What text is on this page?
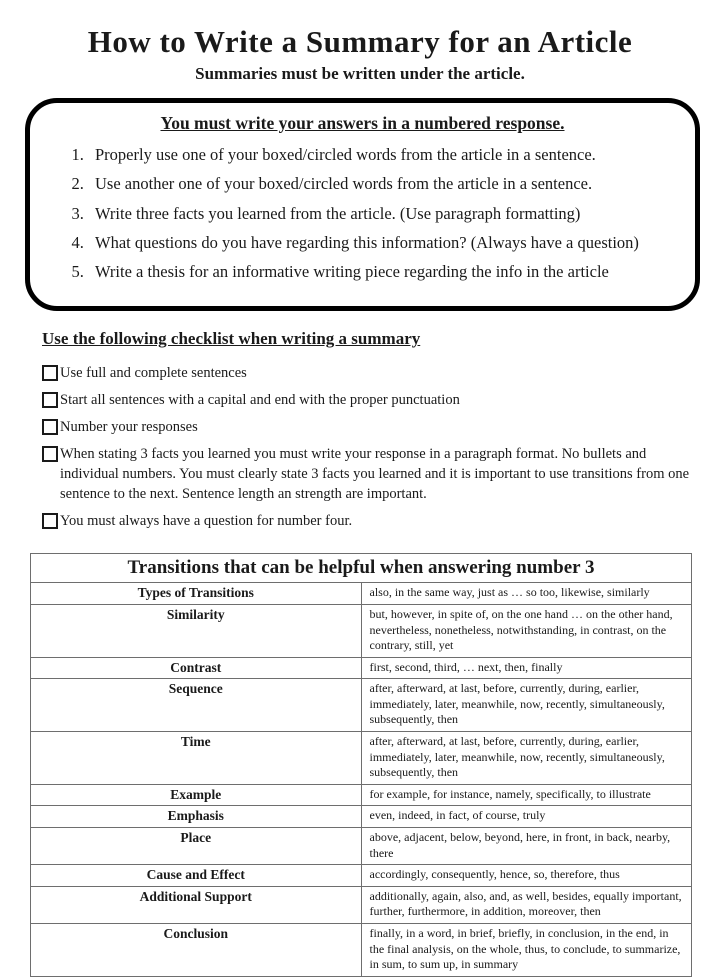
How to Write a Summary for an Article
Summaries must be written under the article.
You must write your answers in a numbered response.
1. Properly use one of your boxed/circled words from the article in a sentence.
2. Use another one of your boxed/circled words from the article in a sentence.
3. Write three facts you learned from the article. (Use paragraph formatting)
4. What questions do you have regarding this information? (Always have a question)
5. Write a thesis for an informative writing piece regarding the info in the article
Use the following checklist when writing a summary
Use full and complete sentences
Start all sentences with a capital and end with the proper punctuation
Number your responses
When stating 3 facts you learned you must write your response in a paragraph format. No bullets and individual numbers. You must clearly state 3 facts you learned and it is important to use transitions from one sentence to the next. Sentence length an strength are important.
You must always have a question for number four.
Transitions that can be helpful when answering number 3	
Types of Transitions	also, in the same way, just as … so too, likewise, similarly
Similarity	but, however, in spite of, on the one hand … on the other hand, nevertheless, nonetheless, notwithstanding, in contrast, on the contrary, still, yet
Contrast	first, second, third, … next, then, finally
Sequence	after, afterward, at last, before, currently, during, earlier, immediately, later, meanwhile, now, recently, simultaneously, subsequently, then
Time	after, afterward, at last, before, currently, during, earlier, immediately, later, meanwhile, now, recently, simultaneously, subsequently, then
Example	for example, for instance, namely, specifically, to illustrate
Emphasis	even, indeed, in fact, of course, truly
Place	above, adjacent, below, beyond, here, in front, in back, nearby, there
Cause and Effect	accordingly, consequently, hence, so, therefore, thus
Additional Support	additionally, again, also, and, as well, besides, equally important, further, furthermore, in addition, moreover, then
Conclusion	finally, in a word, in brief, briefly, in conclusion, in the end, in the final analysis, on the whole, thus, to conclude, to summarize, in sum, to sum up, in summary
